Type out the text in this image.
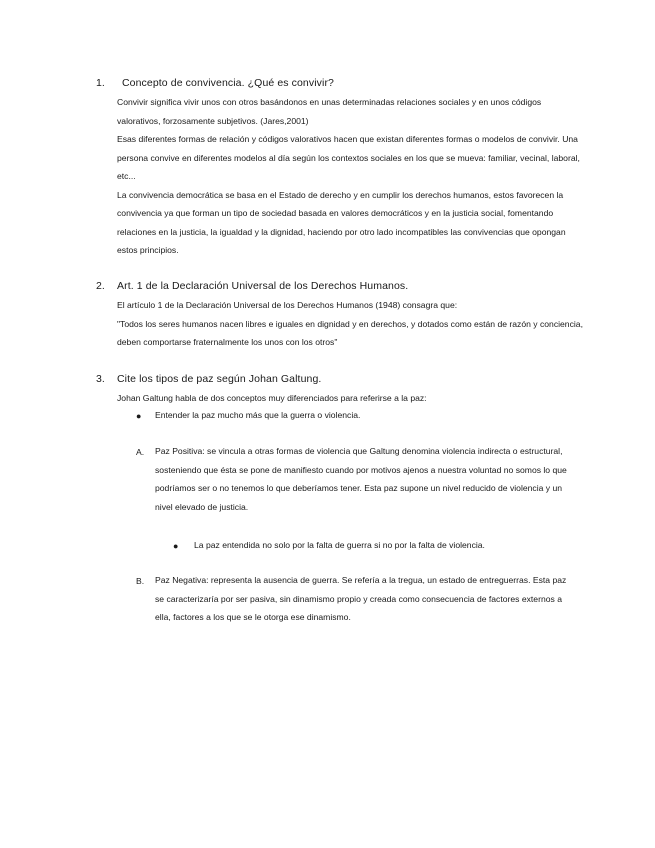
1. Concepto de convivencia. ¿Qué es convivir?

Convivir significa vivir unos con otros basándonos en unas determinadas relaciones sociales y en unos códigos valorativos, forzosamente subjetivos. (Jares,2001)

Esas diferentes formas de relación y códigos valorativos hacen que existan diferentes formas o modelos de convivir. Una persona convive en diferentes modelos al día según los contextos sociales en los que se mueva: familiar, vecinal, laboral, etc...

La convivencia democrática se basa en el Estado de derecho y en cumplir los derechos humanos, estos favorecen la convivencia ya que forman un tipo de sociedad basada en valores democráticos y en la justicia social, fomentando relaciones en la justicia, la igualdad y la dignidad, haciendo por otro lado incompatibles las convivencias que opongan estos principios.

2. Art. 1 de la Declaración Universal de los Derechos Humanos.

El artículo 1 de la Declaración Universal de los Derechos Humanos (1948) consagra que:

"Todos los seres humanos nacen libres e iguales en dignidad y en derechos, y dotados como están de razón y conciencia, deben comportarse fraternalmente los unos con los otros"

3. Cite los tipos de paz según Johan Galtung.
Johan Galtung habla de dos conceptos muy diferenciados para referirse a la paz:
● Entender la paz mucho más que la guerra o violencia.
A. Paz Positiva: se vincula a otras formas de violencia que Galtung denomina violencia indirecta o estructural, sosteniendo que ésta se pone de manifiesto cuando por motivos ajenos a nuestra voluntad no somos lo que podríamos ser o no tenemos lo que deberíamos tener. Esta paz supone un nivel reducido de violencia y un nivel elevado de justicia.
● La paz entendida no solo por la falta de guerra si no por la falta de violencia.
B. Paz Negativa: representa la ausencia de guerra. Se refería a la tregua, un estado de entreguerras. Esta paz se caracterizaría por ser pasiva, sin dinamismo propio y creada como consecuencia de factores externos a ella, factores a los que se le otorga ese dinamismo.
